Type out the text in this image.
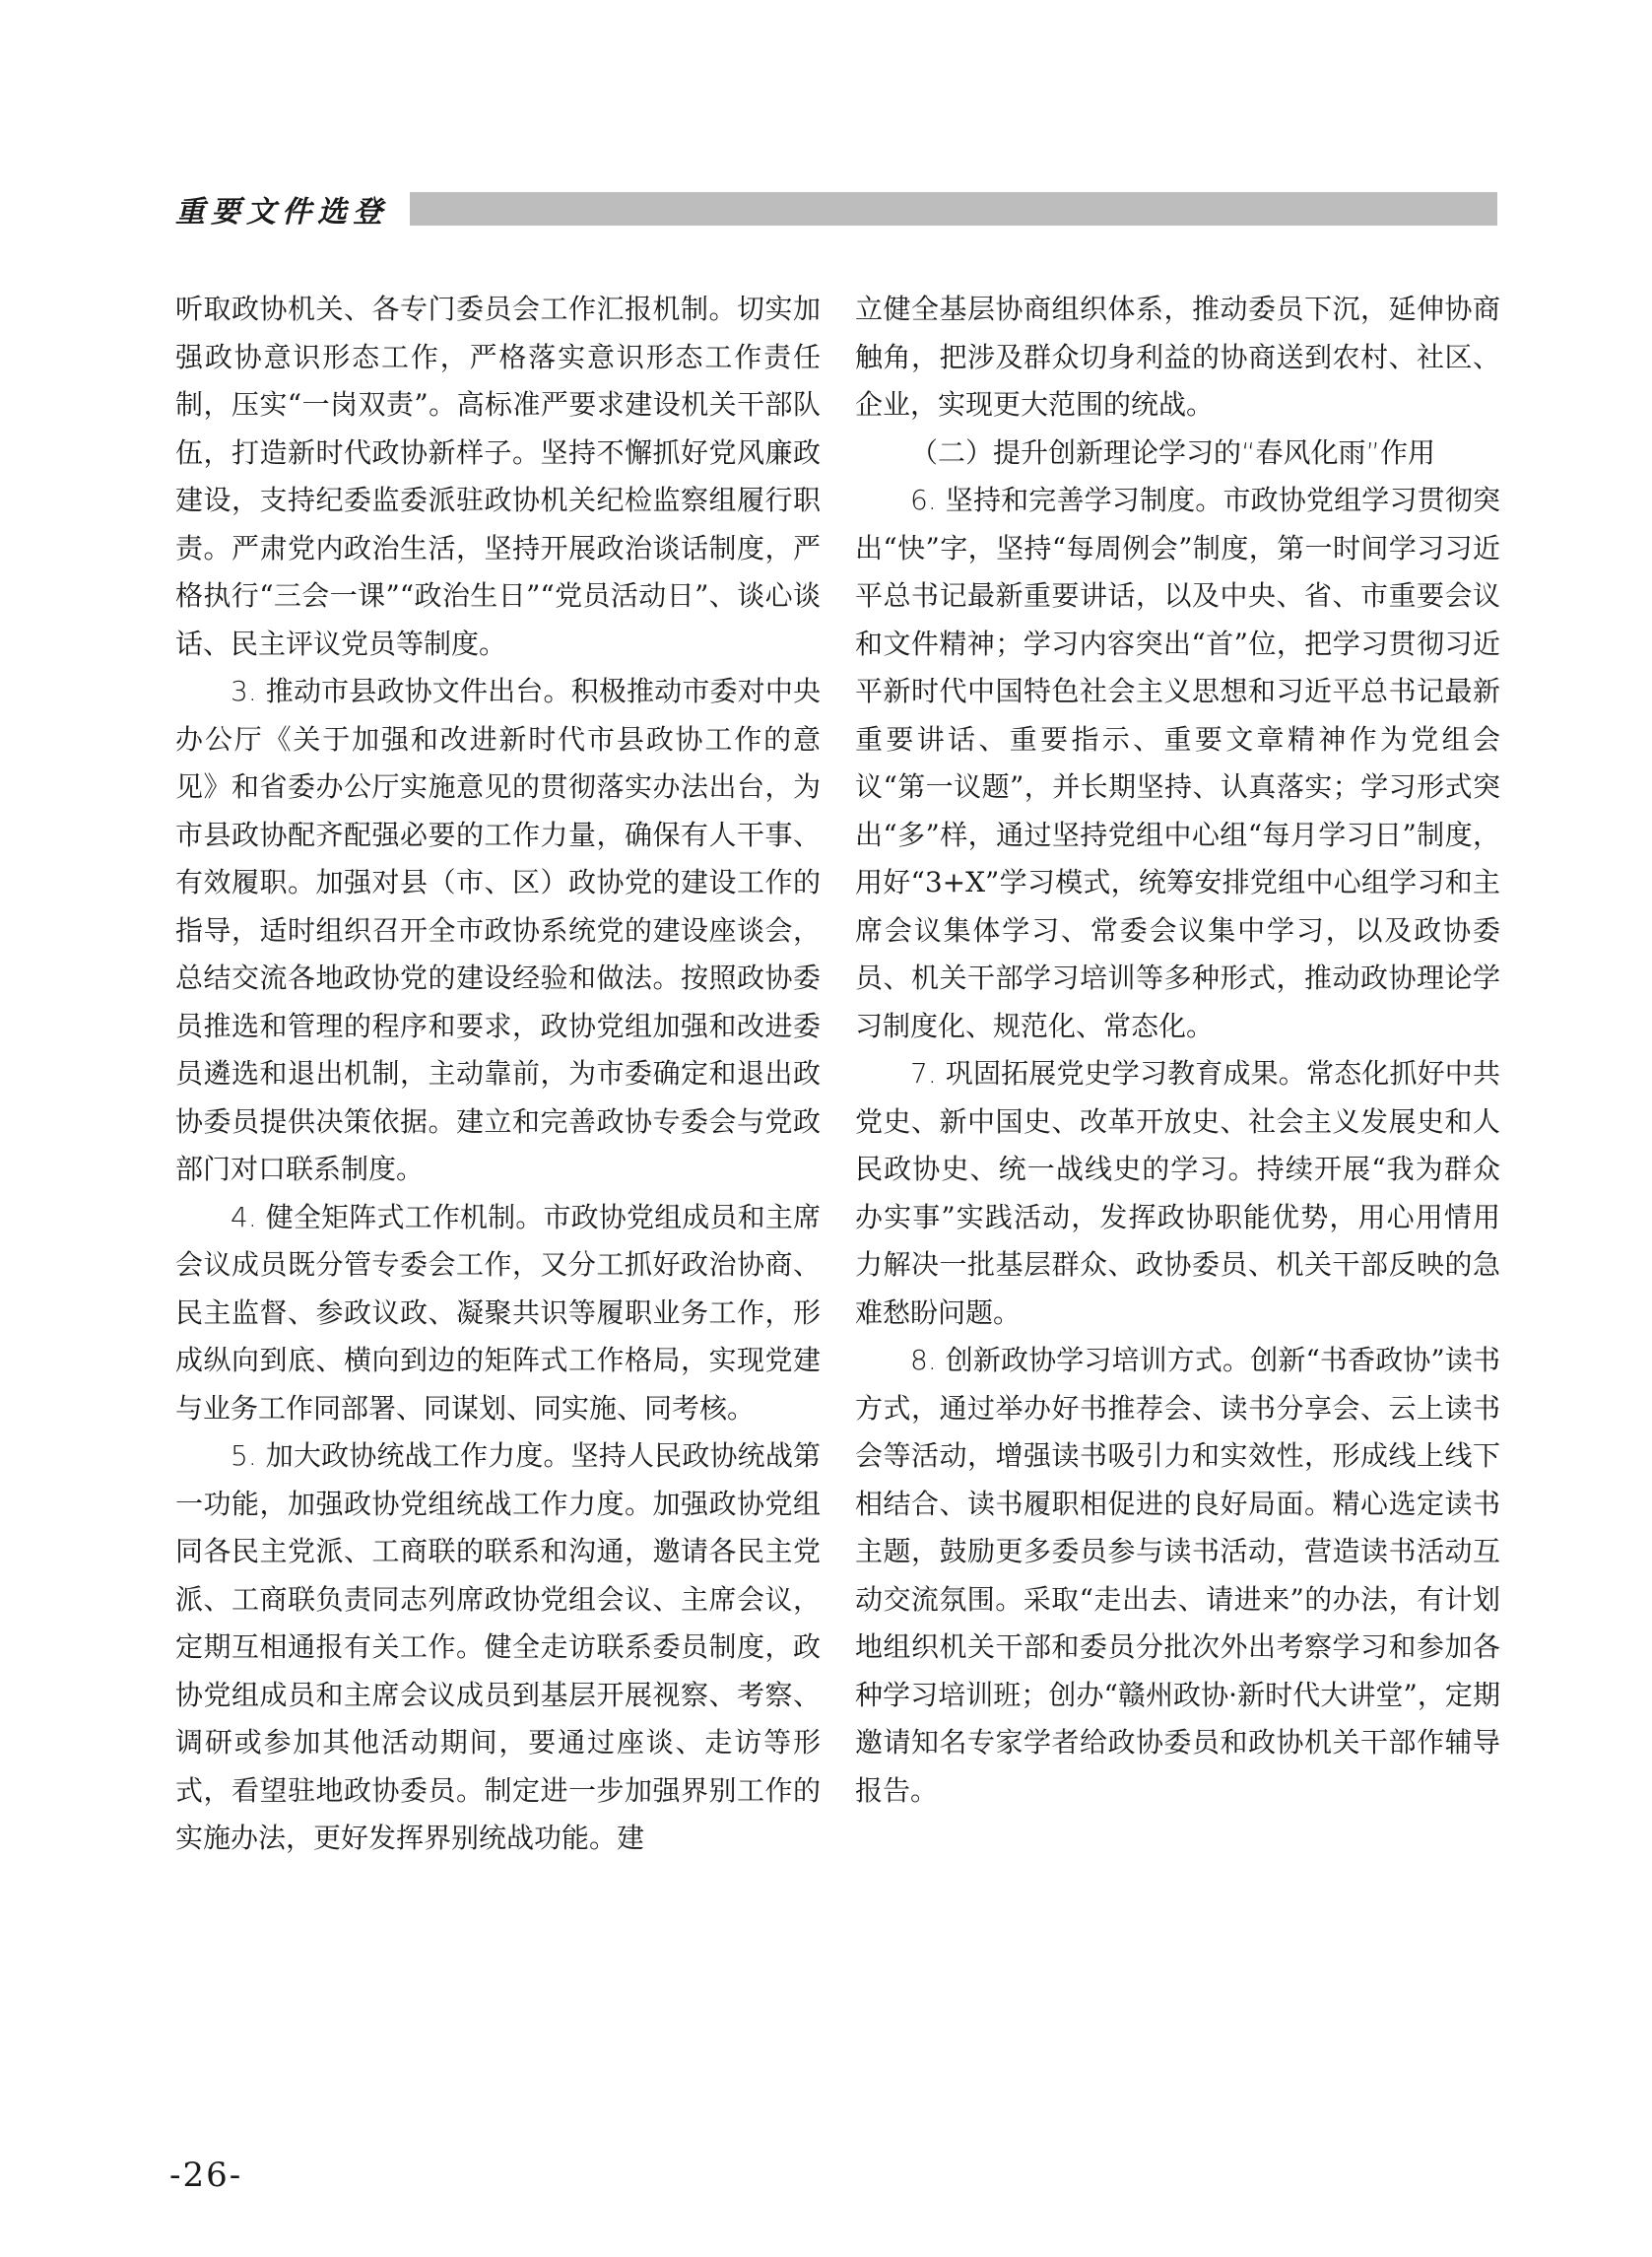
重要文件选登

听取政协机关、各专门委员会工作汇报机制。切实加强政协意识形态工作，严格落实意识形态工作责任制，压实“一岗双责”。高标准严要求建设机关干部队伍，打造新时代政协新样子。坚持不懈抓好党风廉政建设，支持纪委监委派驻政协机关纪检监察组履行职责。严肃党内政治生活，坚持开展政治谈话制度，严格执行“三会一课”“政治生日”“党员活动日”、谈心谈话、民主评议党员等制度。

3. 推动市县政协文件出台。积极推动市委对中央办公厅《关于加强和改进新时代市县政协工作的意见》和省委办公厅实施意见的贯彻落实办法出台，为市县政协配齐配强必要的工作力量，确保有人干事、有效履职。加强对县（市、区）政协党的建设工作的指导，适时组织召开全市政协系统党的建设座谈会，总结交流各地政协党的建设经验和做法。按照政协委员推选和管理的程序和要求，政协党组加强和改进委员遴选和退出机制，主动靠前，为市委确定和退出政协委员提供决策依据。建立和完善政协专委会与党政部门对口联系制度。

4. 健全矩阵式工作机制。市政协党组成员和主席会议成员既分管专委会工作，又分工抓好政治协商、民主监督、参政议政、凝聚共识等履职业务工作，形成纵向到底、横向到边的矩阵式工作格局，实现党建与业务工作同部署、同谋划、同实施、同考核。

5. 加大政协统战工作力度。坚持人民政协统战第一功能，加强政协党组统战工作力度。加强政协党组同各民主党派、工商联的联系和沟通，邀请各民主党派、工商联负责同志列席政协党组会议、主席会议，定期互相通报有关工作。健全走访联系委员制度，政协党组成员和主席会议成员到基层开展视察、考察、调研或参加其他活动期间，要通过座谈、走访等形式，看望驻地政协委员。制定进一步加强界别工作的实施办法，更好发挥界别统战功能。建

立健全基层协商组织体系，推动委员下沉，延伸协商触角，把涉及群众切身利益的协商送到农村、社区、企业，实现更大范围的统战。

（二）提升创新理论学习的“春风化雨”作用

6. 坚持和完善学习制度。市政协党组学习贯彻突出“快”字，坚持“每周例会”制度，第一时间学习习近平总书记最新重要讲话，以及中央、省、市重要会议和文件精神；学习内容突出“首”位，把学习贯彻习近平新时代中国特色社会主义思想和习近平总书记最新重要讲话、重要指示、重要文章精神作为党组会议“第一议题”，并长期坚持、认真落实；学习形式突出“多”样，通过坚持党组中心组“每月学习日”制度，用好“3+X”学习模式，统筹安排党组中心组学习和主席会议集体学习、常委会议集中学习，以及政协委员、机关干部学习培训等多种形式，推动政协理论学习制度化、规范化、常态化。

7. 巩固拓展党史学习教育成果。常态化抓好中共党史、新中国史、改革开放史、社会主义发展史和人民政协史、统一战线史的学习。持续开展“我为群众办实事”实践活动，发挥政协职能优势，用心用情用力解决一批基层群众、政协委员、机关干部反映的急难愁盼问题。

8. 创新政协学习培训方式。创新“书香政协”读书方式，通过举办好书推荐会、读书分享会、云上读书会等活动，增强读书吸引力和实效性，形成线上线下相结合、读书履职相促进的良好局面。精心选定读书主题，鼓励更多委员参与读书活动，营造读书活动互动交流氛围。采取“走出去、请进来”的办法，有计划地组织机关干部和委员分批次外出考察学习和参加各种学习培训班；创办“赣州政协·新时代大讲堂”，定期邀请知名专家学者给政协委员和政协机关干部作辅导报告。

-26-
